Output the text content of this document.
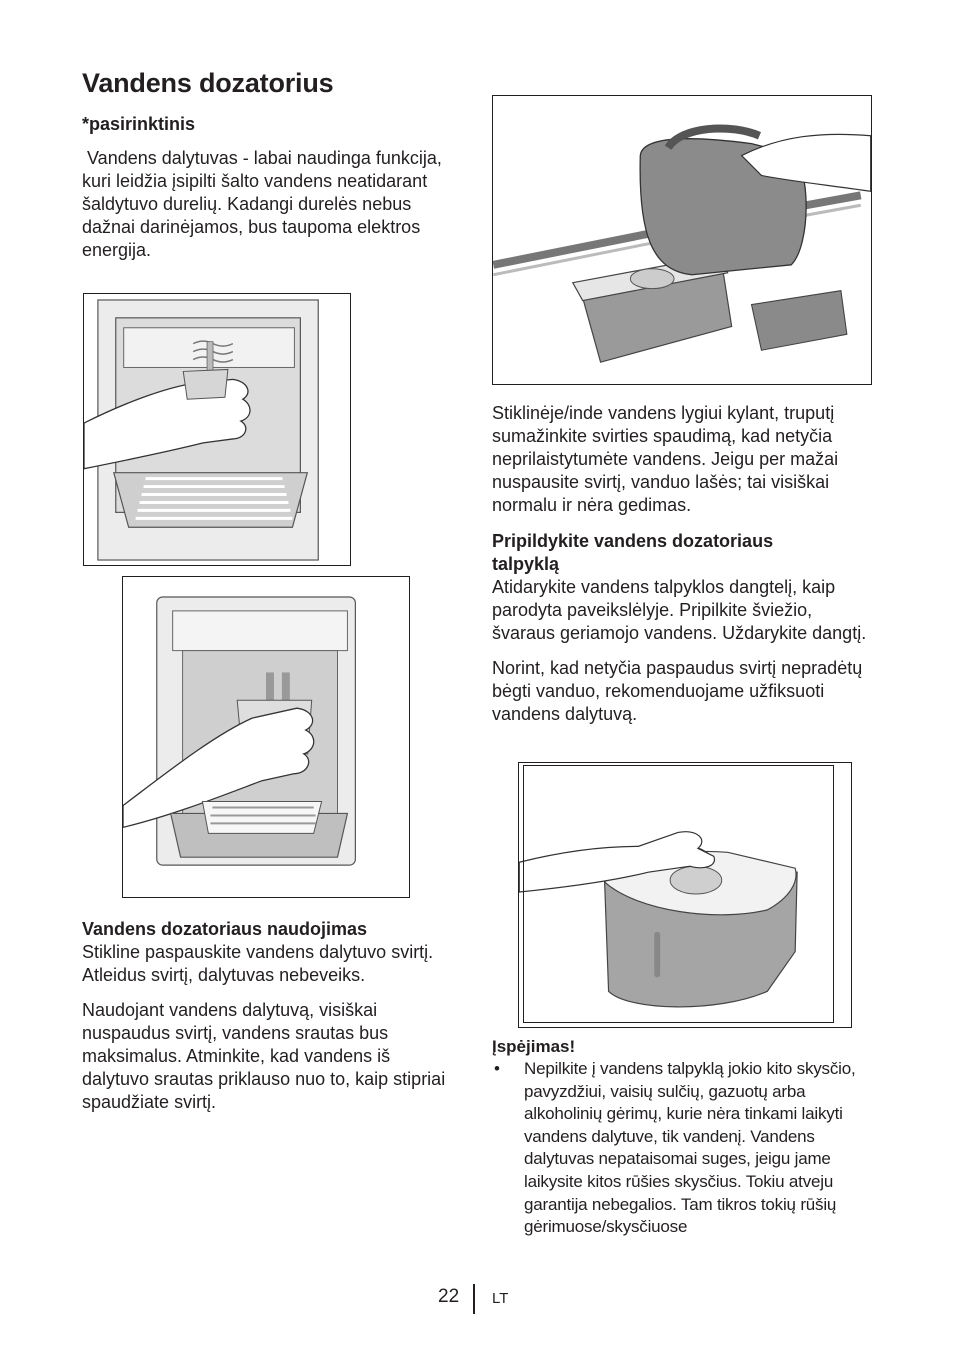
Vandens dozatorius
*pasirinktinis

Vandens dalytuvas - labai naudinga funkcija, kuri leidžia įsipilti šalto vandens neatidarant šaldytuvo durelių. Kadangi durelės nebus dažnai darinėjamos, bus taupoma elektros energija.

Vandens dozatoriaus naudojimas

Stikline paspauskite vandens dalytuvo svirtį. Atleidus svirtį, dalytuvas nebeveiks.

Naudojant vandens dalytuvą, visiškai nuspaudus svirtį, vandens srautas bus maksimalus. Atminkite, kad vandens iš dalytuvo srautas priklauso nuo to, kaip stipriai spaudžiate svirtį.

Stiklinėje/inde vandens lygiui kylant, truputį sumažinkite svirties spaudimą, kad netyčia neprilaistytumėte vandens. Jeigu per mažai nuspausite svirtį, vanduo lašės; tai visiškai normalu ir nėra gedimas.

Pripildykite vandens dozatoriaus talpyklą

Atidarykite vandens talpyklos dangtelį, kaip parodyta paveikslėlyje. Pripilkite šviežio, švaraus geriamojo vandens. Uždarykite dangtį.

Norint, kad netyčia paspaudus svirtį nepradėtų bėgti vanduo, rekomenduojame užfiksuoti vandens dalytuvą.

Įspėjimas!
• Nepilkite į vandens talpyklą jokio kito skysčio, pavyzdžiui, vaisių sulčių, gazuotų arba alkoholinių gėrimų, kurie nėra tinkami laikyti vandens dalytuve, tik vandenį. Vandens dalytuvas nepataisomai suges, jeigu jame laikysite kitos rūšies skysčius. Tokiu atveju garantija nebegalios. Tam tikros tokių rūšių gėrimuose/skysčiuose
22 LT
